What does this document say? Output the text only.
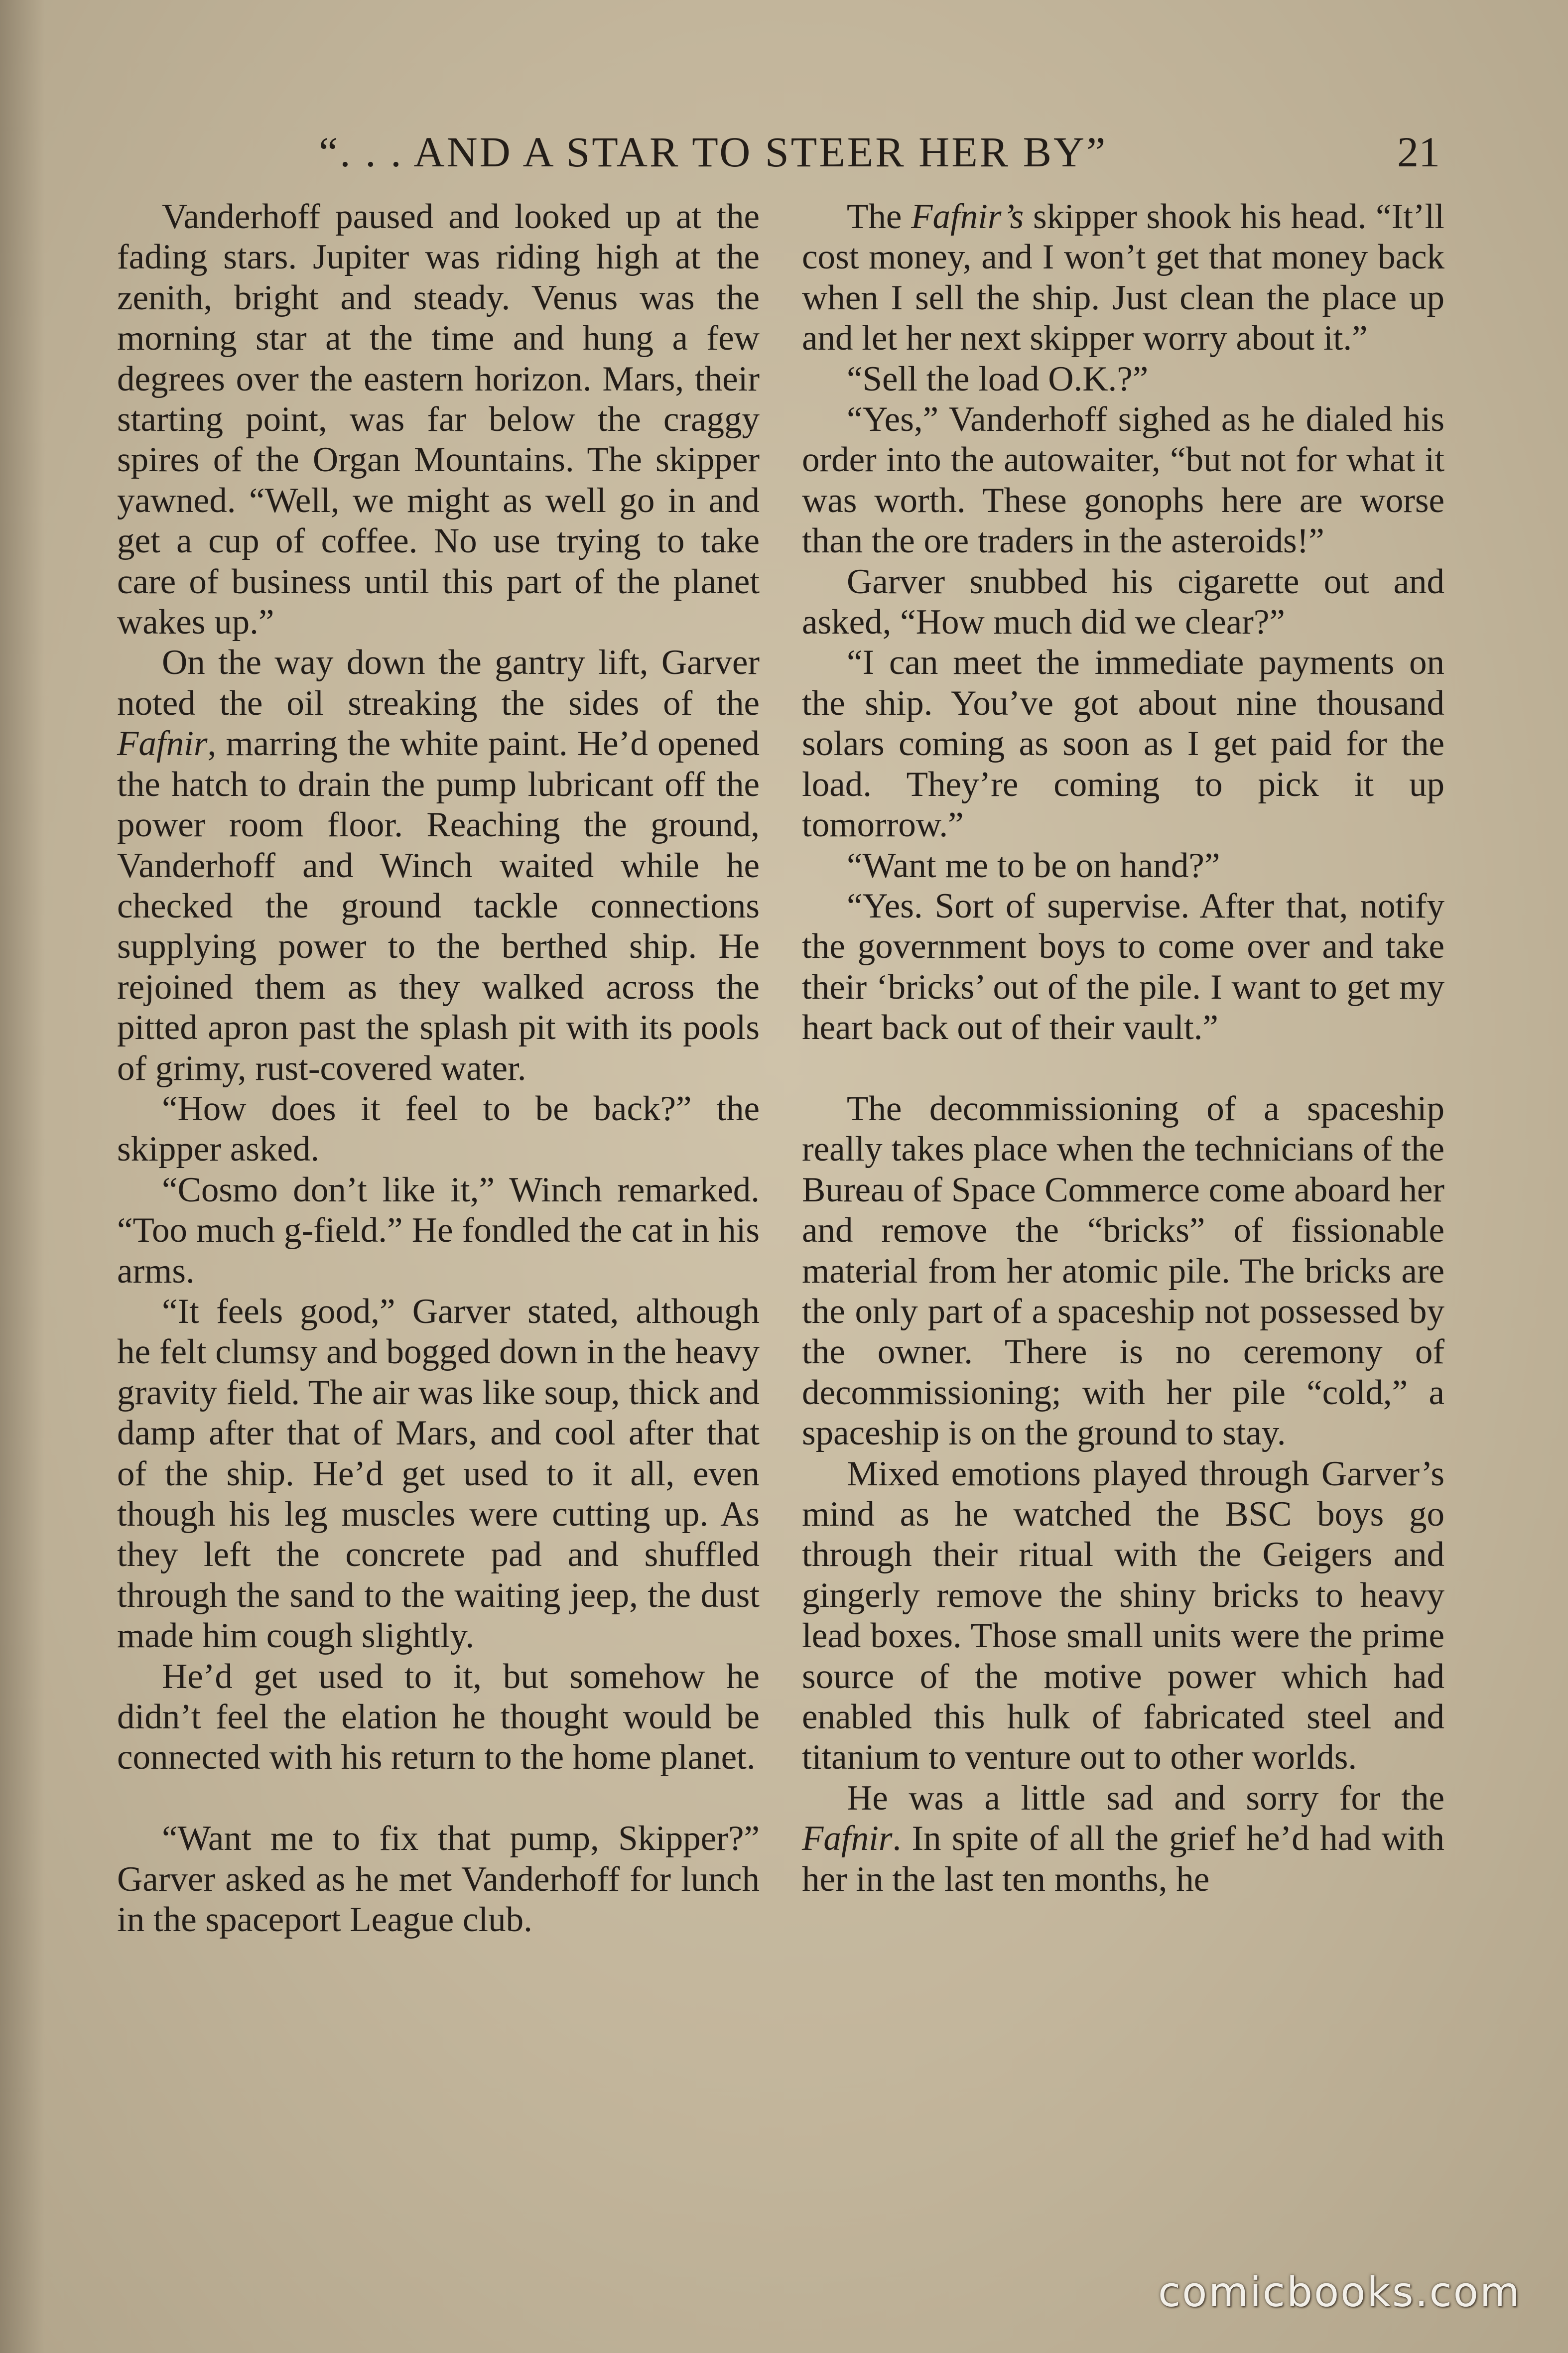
“. . . AND A STAR TO STEER HER BY”	21

Vanderhoff paused and looked up at the fading stars. Jupiter was riding high at the zenith, bright and steady. Venus was the morning star at the time and hung a few degrees over the eastern horizon. Mars, their starting point, was far below the craggy spires of the Organ Mountains. The skipper yawned. “Well, we might as well go in and get a cup of coffee. No use trying to take care of business until this part of the planet wakes up.”

On the way down the gantry lift, Garver noted the oil streaking the sides of the Fafnir, marring the white paint. He’d opened the hatch to drain the pump lubricant off the power room floor. Reaching the ground, Vanderhoff and Winch waited while he checked the ground tackle connections supplying power to the berthed ship. He rejoined them as they walked across the pitted apron past the splash pit with its pools of grimy, rust-covered water.

“How does it feel to be back?” the skipper asked.

“Cosmo don’t like it,” Winch remarked. “Too much g-field.” He fondled the cat in his arms.

“It feels good,” Garver stated, although he felt clumsy and bogged down in the heavy gravity field. The air was like soup, thick and damp after that of Mars, and cool after that of the ship. He’d get used to it all, even though his leg muscles were cutting up. As they left the concrete pad and shuffled through the sand to the waiting jeep, the dust made him cough slightly.

He’d get used to it, but somehow he didn’t feel the elation he thought would be connected with his return to the home planet.

“Want me to fix that pump, Skipper?” Garver asked as he met Vanderhoff for lunch in the spaceport League club.

The Fafnir’s skipper shook his head. “It’ll cost money, and I won’t get that money back when I sell the ship. Just clean the place up and let her next skipper worry about it.”

“Sell the load O.K.?”

“Yes,” Vanderhoff sighed as he dialed his order into the autowaiter, “but not for what it was worth. These gonophs here are worse than the ore traders in the asteroids!”

Garver snubbed his cigarette out and asked, “How much did we clear?”

“I can meet the immediate payments on the ship. You’ve got about nine thousand solars coming as soon as I get paid for the load. They’re coming to pick it up tomorrow.”

“Want me to be on hand?”

“Yes. Sort of supervise. After that, notify the government boys to come over and take their ‘bricks’ out of the pile. I want to get my heart back out of their vault.”

The decommissioning of a spaceship really takes place when the technicians of the Bureau of Space Commerce come aboard her and remove the “bricks” of fissionable material from her atomic pile. The bricks are the only part of a spaceship not possessed by the owner. There is no ceremony of decommissioning; with her pile “cold,” a spaceship is on the ground to stay.

Mixed emotions played through Garver’s mind as he watched the BSC boys go through their ritual with the Geigers and gingerly remove the shiny bricks to heavy lead boxes. Those small units were the prime source of the motive power which had enabled this hulk of fabricated steel and titanium to venture out to other worlds.

He was a little sad and sorry for the Fafnir. In spite of all the grief he’d had with her in the last ten months, he

comicbooks.com
